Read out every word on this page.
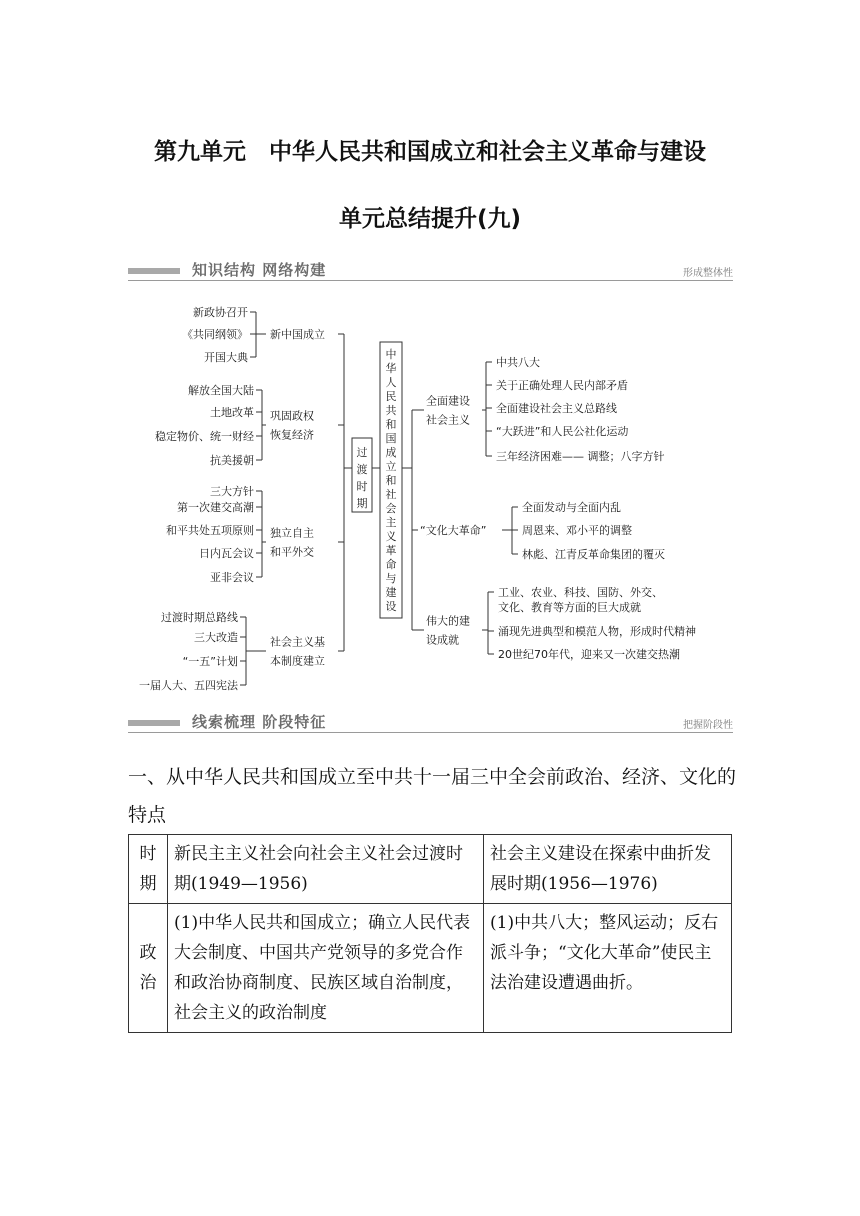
第九单元　中华人民共和国成立和社会主义革命与建设
单元总结提升(九)
知识结构 网络构建	形成整体性
新政协召开
《共同纲领》
开国大典
新中国成立
解放全国大陆
土地改革
稳定物价、统一财经
抗美援朝
巩固政权
恢复经济
三大方针
第一次建交高潮
和平共处五项原则
日内瓦会议
亚非会议
独立自主
和平外交
过渡时期总路线
三大改造
“一五”计划
一届人大、五四宪法
社会主义基
本制度建立
过
渡
时
期
中
华
人
民
共
和
国
成
立
和
社
会
主
义
革
命
与
建
设
全面建设
社会主义
中共八大
关于正确处理人民内部矛盾
全面建设社会主义总路线
“大跃进”和人民公社化运动
三年经济困难—— 调整；八字方针
“文化大革命”
全面发动与全面内乱
周恩来、邓小平的调整
林彪、江青反革命集团的覆灭
伟大的建
设成就
工业、农业、科技、国防、外交、
文化、教育等方面的巨大成就
涌现先进典型和模范人物，形成时代精神
20世纪70年代，迎来又一次建交热潮
线索梳理 阶段特征	把握阶段性
一、从中华人民共和国成立至中共十一届三中全会前政治、经济、文化的特点
时期	新民主主义社会向社会主义社会过渡时期(1949—1956)	社会主义建设在探索中曲折发展时期(1956—1976)
政治	(1)中华人民共和国成立；确立人民代表大会制度、中国共产党领导的多党合作和政治协商制度、民族区域自治制度，社会主义的政治制度	(1)中共八大；整风运动；反右派斗争；“文化大革命”使民主法治建设遭遇曲折。
